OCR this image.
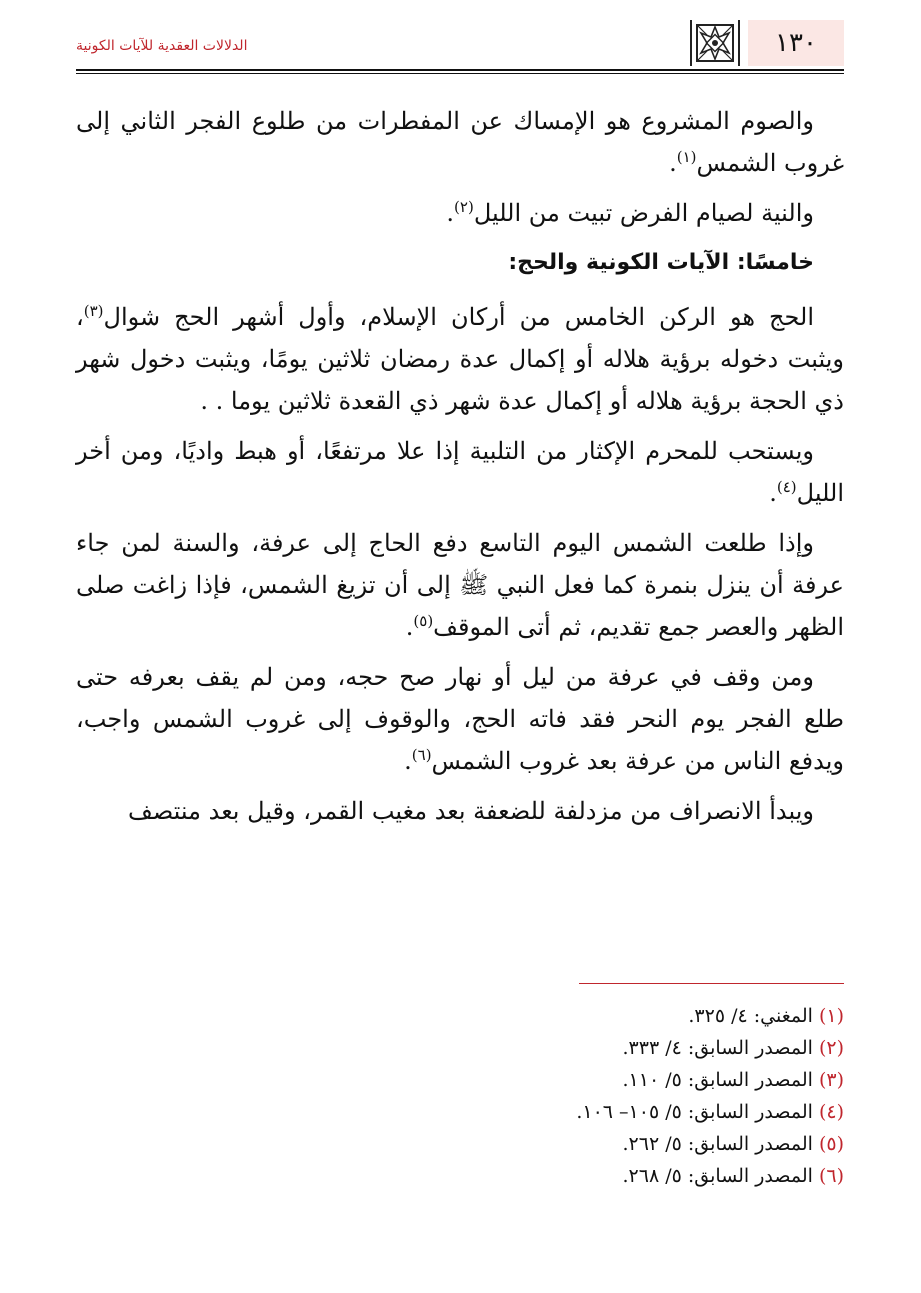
١٣٠
الدلالات العقدية للآيات الكونية

والصوم المشروع هو الإمساك عن المفطرات من طلوع الفجر الثاني إلى غروب الشمس$^{(١)}$.

والنية لصيام الفرض تبيت من الليل$^{(٢)}$.

خامسًا: الآيات الكونية والحج:

الحج هو الركن الخامس من أركان الإسلام، وأول أشهر الحج شوال$^{(٣)}$، ويثبت دخوله برؤية هلاله أو إكمال عدة رمضان ثلاثين يومًا، ويثبت دخول شهر ذي الحجة برؤية هلاله أو إكمال عدة شهر ذي القعدة ثلاثين يوما . .

ويستحب للمحرم الإكثار من التلبية إذا علا مرتفعًا، أو هبط واديًا، ومن أخر الليل$^{(٤)}$.

وإذا طلعت الشمس اليوم التاسع دفع الحاج إلى عرفة، والسنة لمن جاء عرفة أن ينزل بنمرة كما فعل النبي ﷺ إلى أن تزيغ الشمس، فإذا زاغت صلى الظهر والعصر جمع تقديم، ثم أتى الموقف$^{(٥)}$.

ومن وقف في عرفة من ليل أو نهار صح حجه، ومن لم يقف بعرفه حتى طلع الفجر يوم النحر فقد فاته الحج، والوقوف إلى غروب الشمس واجب، ويدفع الناس من عرفة بعد غروب الشمس$^{(٦)}$.

ويبدأ الانصراف من مزدلفة للضعفة بعد مغيب القمر، وقيل بعد منتصف

(١)المغني: ٤/ ٣٢٥.
(٢)المصدر السابق: ٤/ ٣٣٣.
(٣)المصدر السابق: ٥/ ١١٠.
(٤)المصدر السابق: ٥/ ١٠٥– ١٠٦.
(٥)المصدر السابق: ٥/ ٢٦٢.
(٦)المصدر السابق: ٥/ ٢٦٨.
